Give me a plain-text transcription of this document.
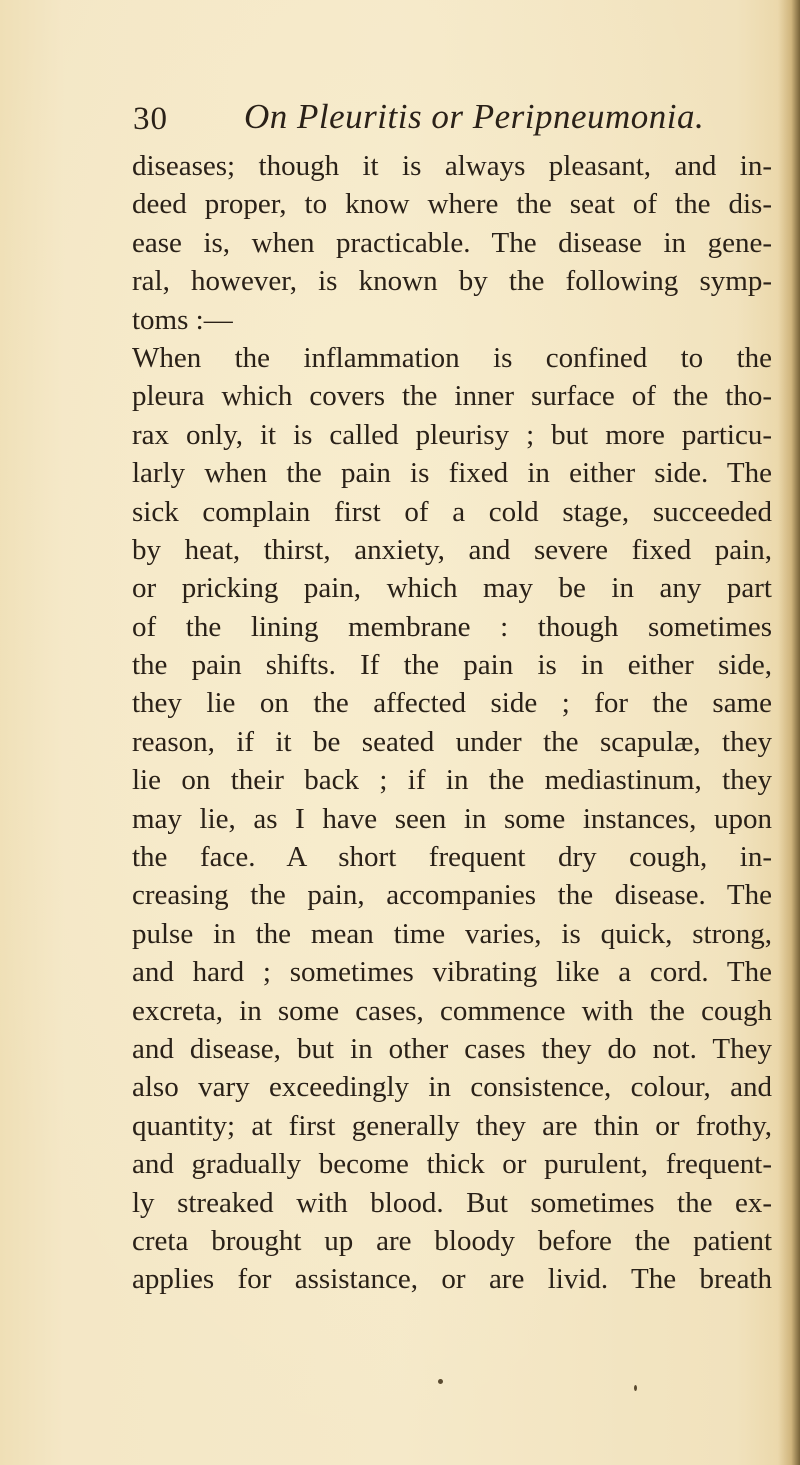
30 On Pleuritis or Peripneumonia.
diseases; though it is always pleasant, and in-
deed proper, to know where the seat of the dis-
ease is, when practicable. The disease in gene-
ral, however, is known by the following symp-
toms :—
When the inflammation is confined to the
pleura which covers the inner surface of the tho-
rax only, it is called pleurisy ; but more particu-
larly when the pain is fixed in either side. The
sick complain first of a cold stage, succeeded
by heat, thirst, anxiety, and severe fixed pain,
or pricking pain, which may be in any part
of the lining membrane : though sometimes
the pain shifts. If the pain is in either side,
they lie on the affected side ; for the same
reason, if it be seated under the scapulæ, they
lie on their back ; if in the mediastinum, they
may lie, as I have seen in some instances, upon
the face. A short frequent dry cough, in-
creasing the pain, accompanies the disease. The
pulse in the mean time varies, is quick, strong,
and hard ; sometimes vibrating like a cord. The
excreta, in some cases, commence with the cough
and disease, but in other cases they do not. They
also vary exceedingly in consistence, colour, and
quantity; at first generally they are thin or frothy,
and gradually become thick or purulent, frequent-
ly streaked with blood. But sometimes the ex-
creta brought up are bloody before the patient
applies for assistance, or are livid. The breath
